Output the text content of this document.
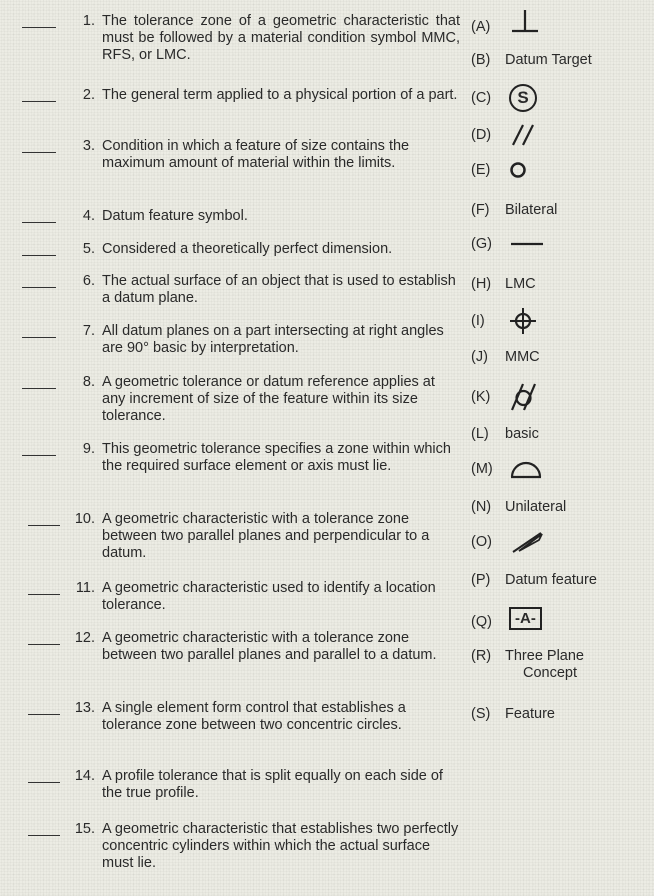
1. The tolerance zone of a geometric characteristic that must be followed by a material condition symbol MMC, RFS, or LMC.
2. The general term applied to a physical portion of a part.
3. Condition in which a feature of size contains the maximum amount of material within the limits.
4. Datum feature symbol.
5. Considered a theoretically perfect dimension.
6. The actual surface of an object that is used to establish a datum plane.
7. All datum planes on a part intersecting at right angles are 90° basic by interpretation.
8. A geometric tolerance or datum reference applies at any increment of size of the feature within its size tolerance.
9. This geometric tolerance specifies a zone within which the required surface element or axis must lie.
10. A geometric characteristic with a tolerance zone between two parallel planes and perpendicular to a datum.
11. A geometric characteristic used to identify a location tolerance.
12. A geometric characteristic with a tolerance zone between two parallel planes and parallel to a datum.
13. A single element form control that establishes a tolerance zone between two concentric circles.
14. A profile tolerance that is split equally on each side of the true profile.
15. A geometric characteristic that establishes two perfectly concentric cylinders within which the actual surface must lie.
(A)
(B) Datum Target
(C) S
(D)
(E)
(F) Bilateral
(G)
(H) LMC
(I)
(J) MMC
(K)
(L) basic
(M)
(N) Unilateral
(O)
(P) Datum feature
(Q) -A-
(R) Three Plane
Concept
(S) Feature
